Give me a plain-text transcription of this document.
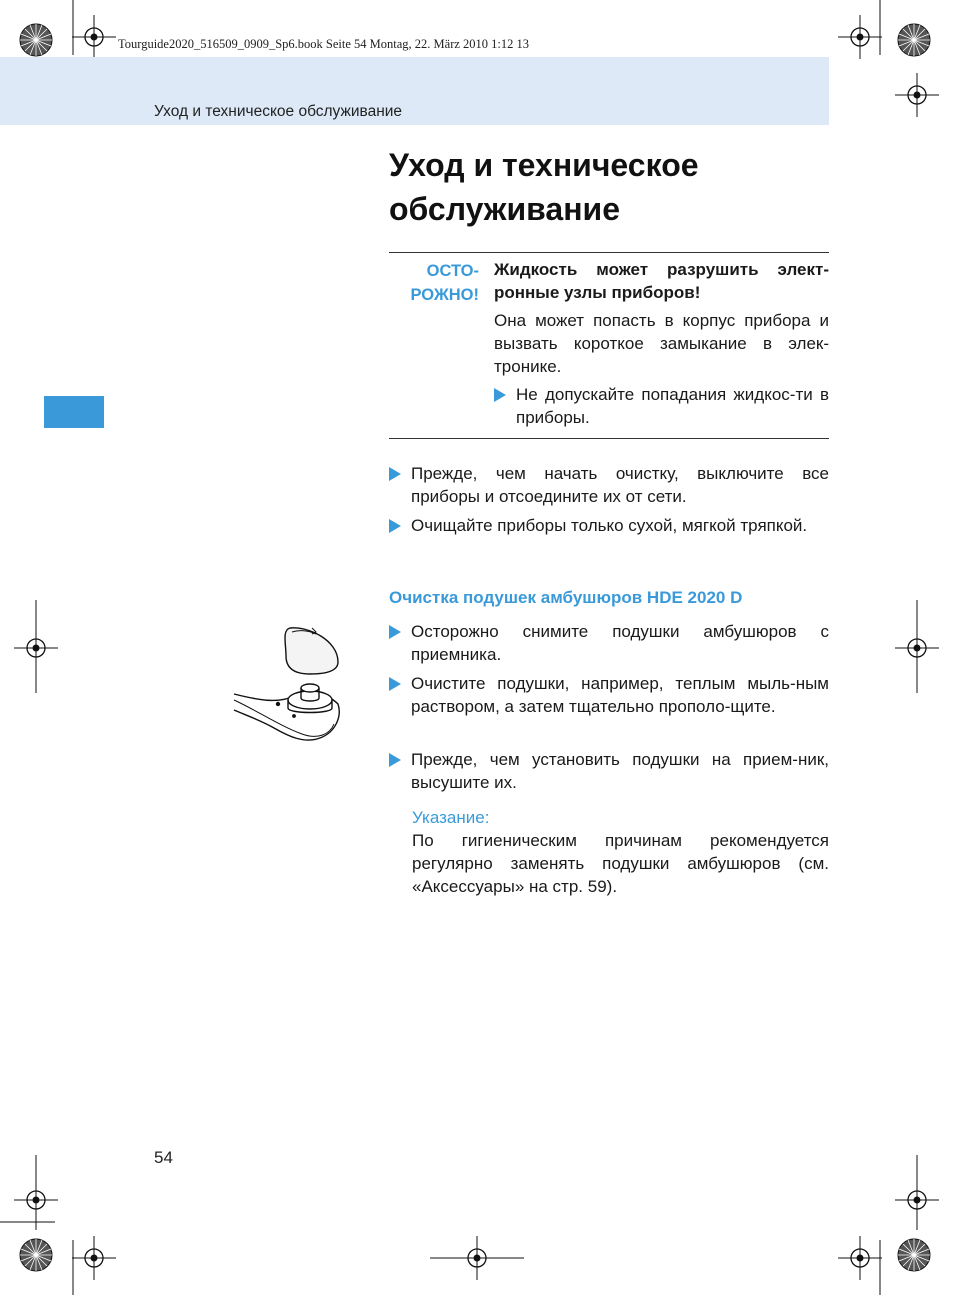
Tourguide2020_516509_0909_Sp6.book Seite 54 Montag, 22. März 2010 1:12 13
Уход и техническое обслуживание
Уход и техническое обслуживание
ОСТО-
РОЖНО!
Жидкость может разрушить элект-ронные узлы приборов!
Она может попасть в корпус прибора и вызвать короткое замыкание в элек-тронике.
Не допускайте попадания жидкос-ти в приборы.
Прежде, чем начать очистку, выключите все приборы и отсоедините их от сети.
Очищайте приборы только сухой, мягкой тряпкой.
Очистка подушек амбушюров HDE 2020 D
Осторожно снимите подушки амбушюров с приемника.
Очистите подушки, например, теплым мыль-ным раствором, а затем тщательно прополо-щите.
Прежде, чем установить подушки на прием-ник, высушите их.
Указание:
По гигиеническим причинам рекомендуется регулярно заменять подушки амбушюров (см. «Аксессуары» на стр. 59).
54
